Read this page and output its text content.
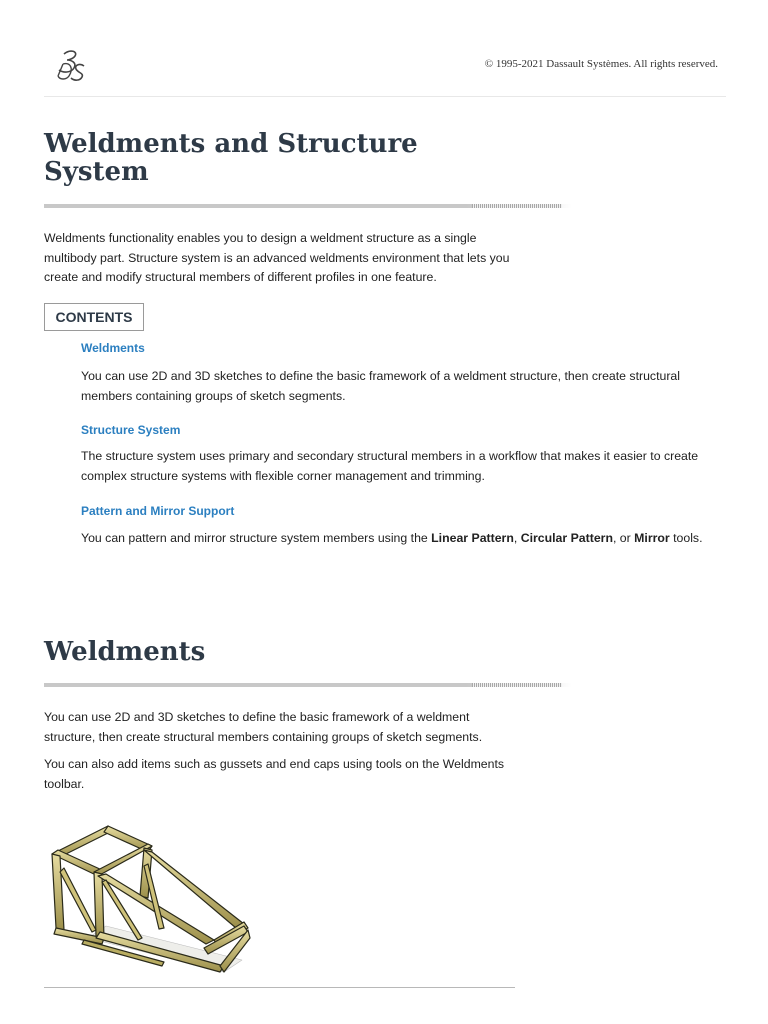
© 1995-2021 Dassault Systèmes. All rights reserved.
Weldments and Structure System

Weldments functionality enables you to design a weldment structure as a single multibody part. Structure system is an advanced weldments environment that lets you create and modify structural members of different profiles in one feature.

CONTENTS
Weldments

You can use 2D and 3D sketches to define the basic framework of a weldment structure, then create structural members containing groups of sketch segments.

Structure System

The structure system uses primary and secondary structural members in a workflow that makes it easier to create complex structure systems with flexible corner management and trimming.

Pattern and Mirror Support

You can pattern and mirror structure system members using the Linear Pattern, Circular Pattern, or Mirror tools.

Weldments

You can use 2D and 3D sketches to define the basic framework of a weldment structure, then create structural members containing groups of sketch segments.

You can also add items such as gussets and end caps using tools on the Weldments toolbar.
